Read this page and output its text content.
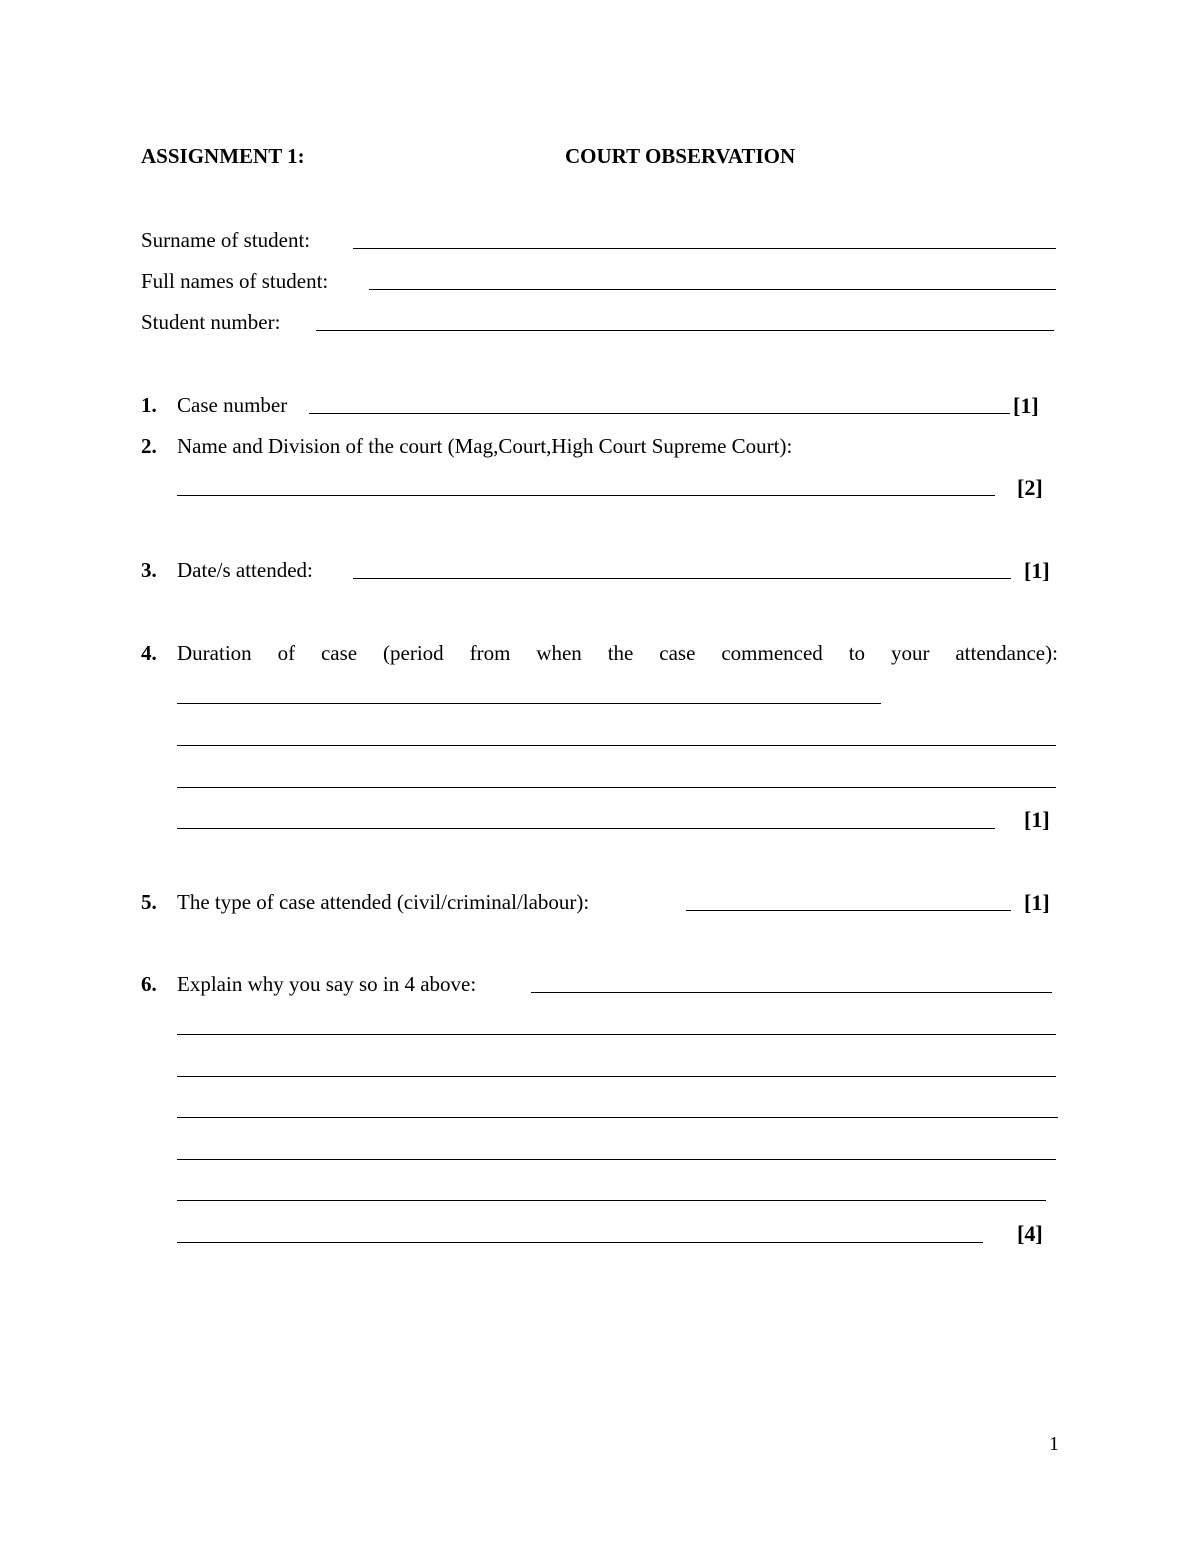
ASSIGNMENT 1:	COURT OBSERVATION
Surname of student:
Full names of student:
Student number:
1. Case number	[1]
2. Name and Division of the court (Mag,Court,High Court Supreme Court):
[2]
3. Date/s attended:	[1]
4. Duration of case (period from when the case commenced to your attendance):
[1]
5. The type of case attended (civil/criminal/labour):	[1]
6. Explain why you say so in 4 above:
[4]
1
